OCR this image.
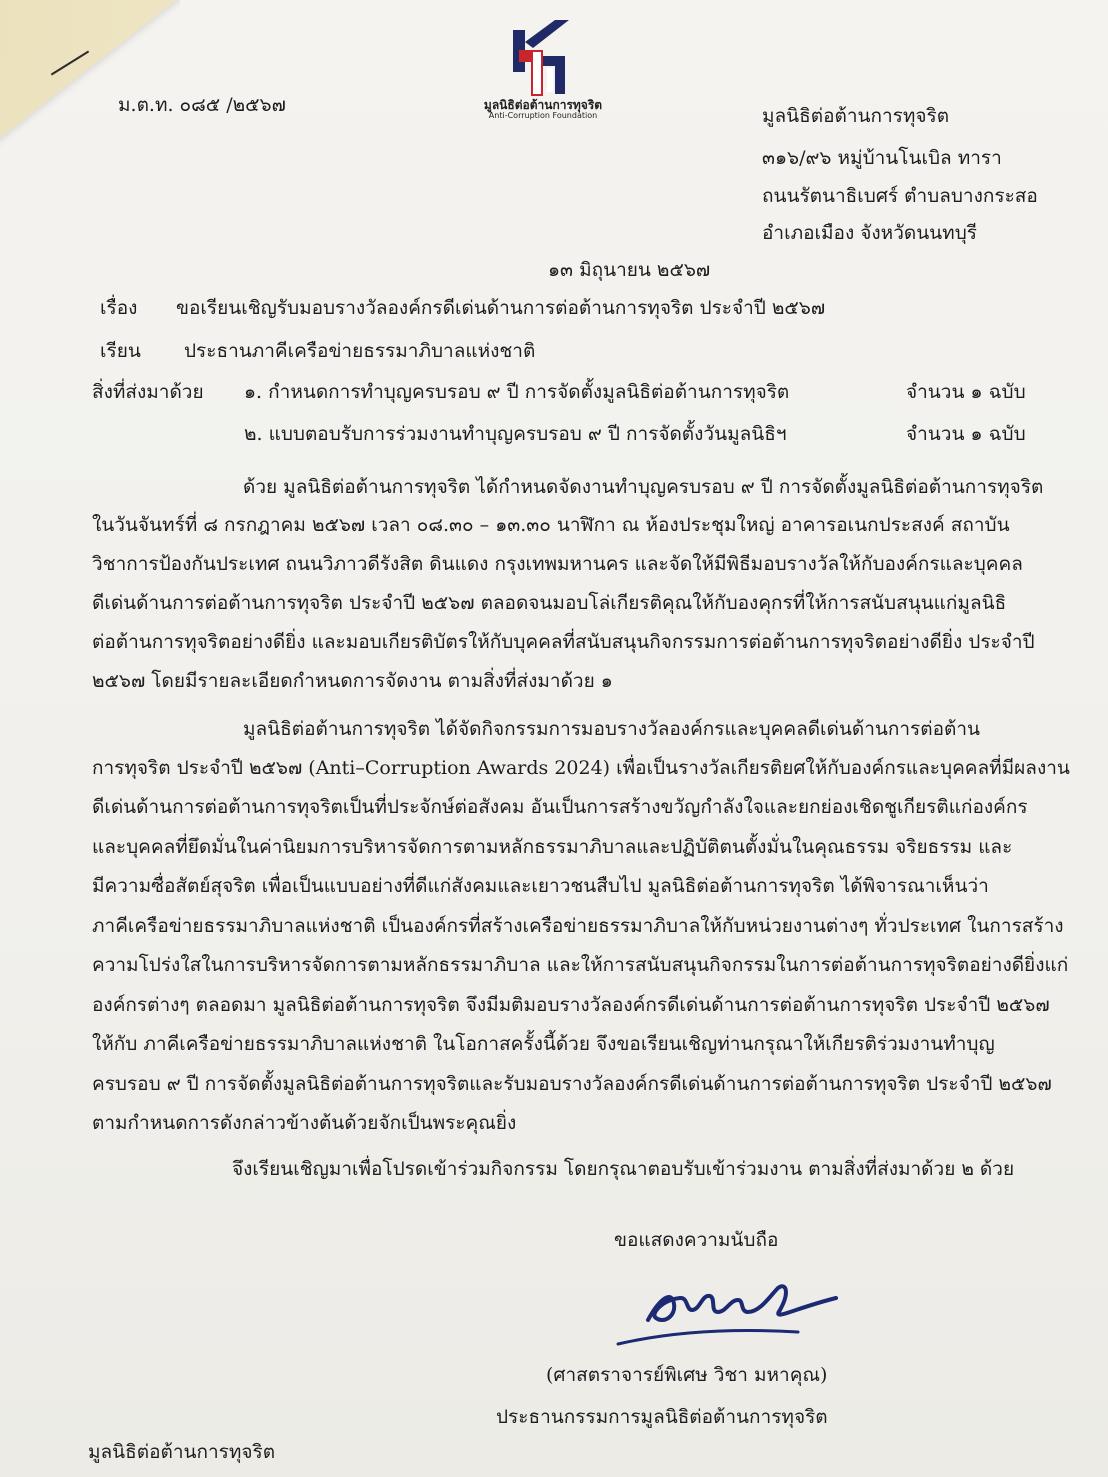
มูลนิธิต่อต้านการทุจริต
Anti-Corruption Foundation
ม.ต.ท. ๐๘๕ /๒๕๖๗	มูลนิธิต่อต้านการทุจริต
๓๑๖/๙๖ หมู่บ้านโนเบิล ทารา
ถนนรัตนาธิเบศร์ ตำบลบางกระสอ
อำเภอเมือง จังหวัดนนทบุรี
๑๓ มิถุนายน ๒๕๖๗
เรื่อง ขอเรียนเชิญรับมอบรางวัลองค์กรดีเด่นด้านการต่อต้านการทุจริต ประจำปี ๒๕๖๗
เรียน ประธานภาคีเครือข่ายธรรมาภิบาลแห่งชาติ
สิ่งที่ส่งมาด้วย ๑. กำหนดการทำบุญครบรอบ ๙ ปี การจัดตั้งมูลนิธิต่อต้านการทุจริต	จำนวน ๑ ฉบับ
๒. แบบตอบรับการร่วมงานทำบุญครบรอบ ๙ ปี การจัดตั้งวันมูลนิธิฯ	จำนวน ๑ ฉบับ
ด้วย มูลนิธิต่อต้านการทุจริต ได้กำหนดจัดงานทำบุญครบรอบ ๙ ปี การจัดตั้งมูลนิธิต่อต้านการทุจริต
ในวันจันทร์ที่ ๘ กรกฎาคม ๒๕๖๗ เวลา ๐๘.๓๐ – ๑๓.๓๐ นาฬิกา ณ ห้องประชุมใหญ่ อาคารอเนกประสงค์ สถาบัน
วิชาการป้องกันประเทศ ถนนวิภาวดีรังสิต ดินแดง กรุงเทพมหานคร และจัดให้มีพิธีมอบรางวัลให้กับองค์กรและบุคคล
ดีเด่นด้านการต่อต้านการทุจริต ประจำปี ๒๕๖๗ ตลอดจนมอบโล่เกียรติคุณให้กับองคุกรที่ให้การสนับสนุนแก่มูลนิธิ
ต่อต้านการทุจริตอย่างดียิ่ง และมอบเกียรติบัตรให้กับบุคคลที่สนับสนุนกิจกรรมการต่อต้านการทุจริตอย่างดียิ่ง ประจำปี
๒๕๖๗ โดยมีรายละเอียดกำหนดการจัดงาน ตามสิ่งที่ส่งมาด้วย ๑
มูลนิธิต่อต้านการทุจริต ได้จัดกิจกรรมการมอบรางวัลองค์กรและบุคคลดีเด่นด้านการต่อต้าน
การทุจริต ประจำปี ๒๕๖๗ (Anti–Corruption Awards 2024) เพื่อเป็นรางวัลเกียรติยศให้กับองค์กรและบุคคลที่มีผลงาน
ดีเด่นด้านการต่อต้านการทุจริตเป็นที่ประจักษ์ต่อสังคม อันเป็นการสร้างขวัญกำลังใจและยกย่องเชิดชูเกียรติแก่องค์กร
และบุคคลที่ยึดมั่นในค่านิยมการบริหารจัดการตามหลักธรรมาภิบาลและปฏิบัติตนตั้งมั่นในคุณธรรม จริยธรรม และ
มีความซื่อสัตย์สุจริต เพื่อเป็นแบบอย่างที่ดีแก่สังคมและเยาวชนสืบไป มูลนิธิต่อต้านการทุจริต ได้พิจารณาเห็นว่า
ภาคีเครือข่ายธรรมาภิบาลแห่งชาติ เป็นองค์กรที่สร้างเครือข่ายธรรมาภิบาลให้กับหน่วยงานต่างๆ ทั่วประเทศ ในการสร้าง
ความโปร่งใสในการบริหารจัดการตามหลักธรรมาภิบาล และให้การสนับสนุนกิจกรรมในการต่อต้านการทุจริตอย่างดียิ่งแก่
องค์กรต่างๆ ตลอดมา มูลนิธิต่อต้านการทุจริต จึงมีมติมอบรางวัลองค์กรดีเด่นด้านการต่อต้านการทุจริต ประจำปี ๒๕๖๗
ให้กับ ภาคีเครือข่ายธรรมาภิบาลแห่งชาติ ในโอกาสครั้งนี้ด้วย จึงขอเรียนเชิญท่านกรุณาให้เกียรติร่วมงานทำบุญ
ครบรอบ ๙ ปี การจัดตั้งมูลนิธิต่อต้านการทุจริตและรับมอบรางวัลองค์กรดีเด่นด้านการต่อต้านการทุจริต ประจำปี ๒๕๖๗
ตามกำหนดการดังกล่าวข้างต้นด้วยจักเป็นพระคุณยิ่ง
จึงเรียนเชิญมาเพื่อโปรดเข้าร่วมกิจกรรม โดยกรุณาตอบรับเข้าร่วมงาน ตามสิ่งที่ส่งมาด้วย ๒ ด้วย
ขอแสดงความนับถือ
(ศาสตราจารย์พิเศษ วิชา มหาคุณ)
ประธานกรรมการมูลนิธิต่อต้านการทุจริต
มูลนิธิต่อต้านการทุจริต
